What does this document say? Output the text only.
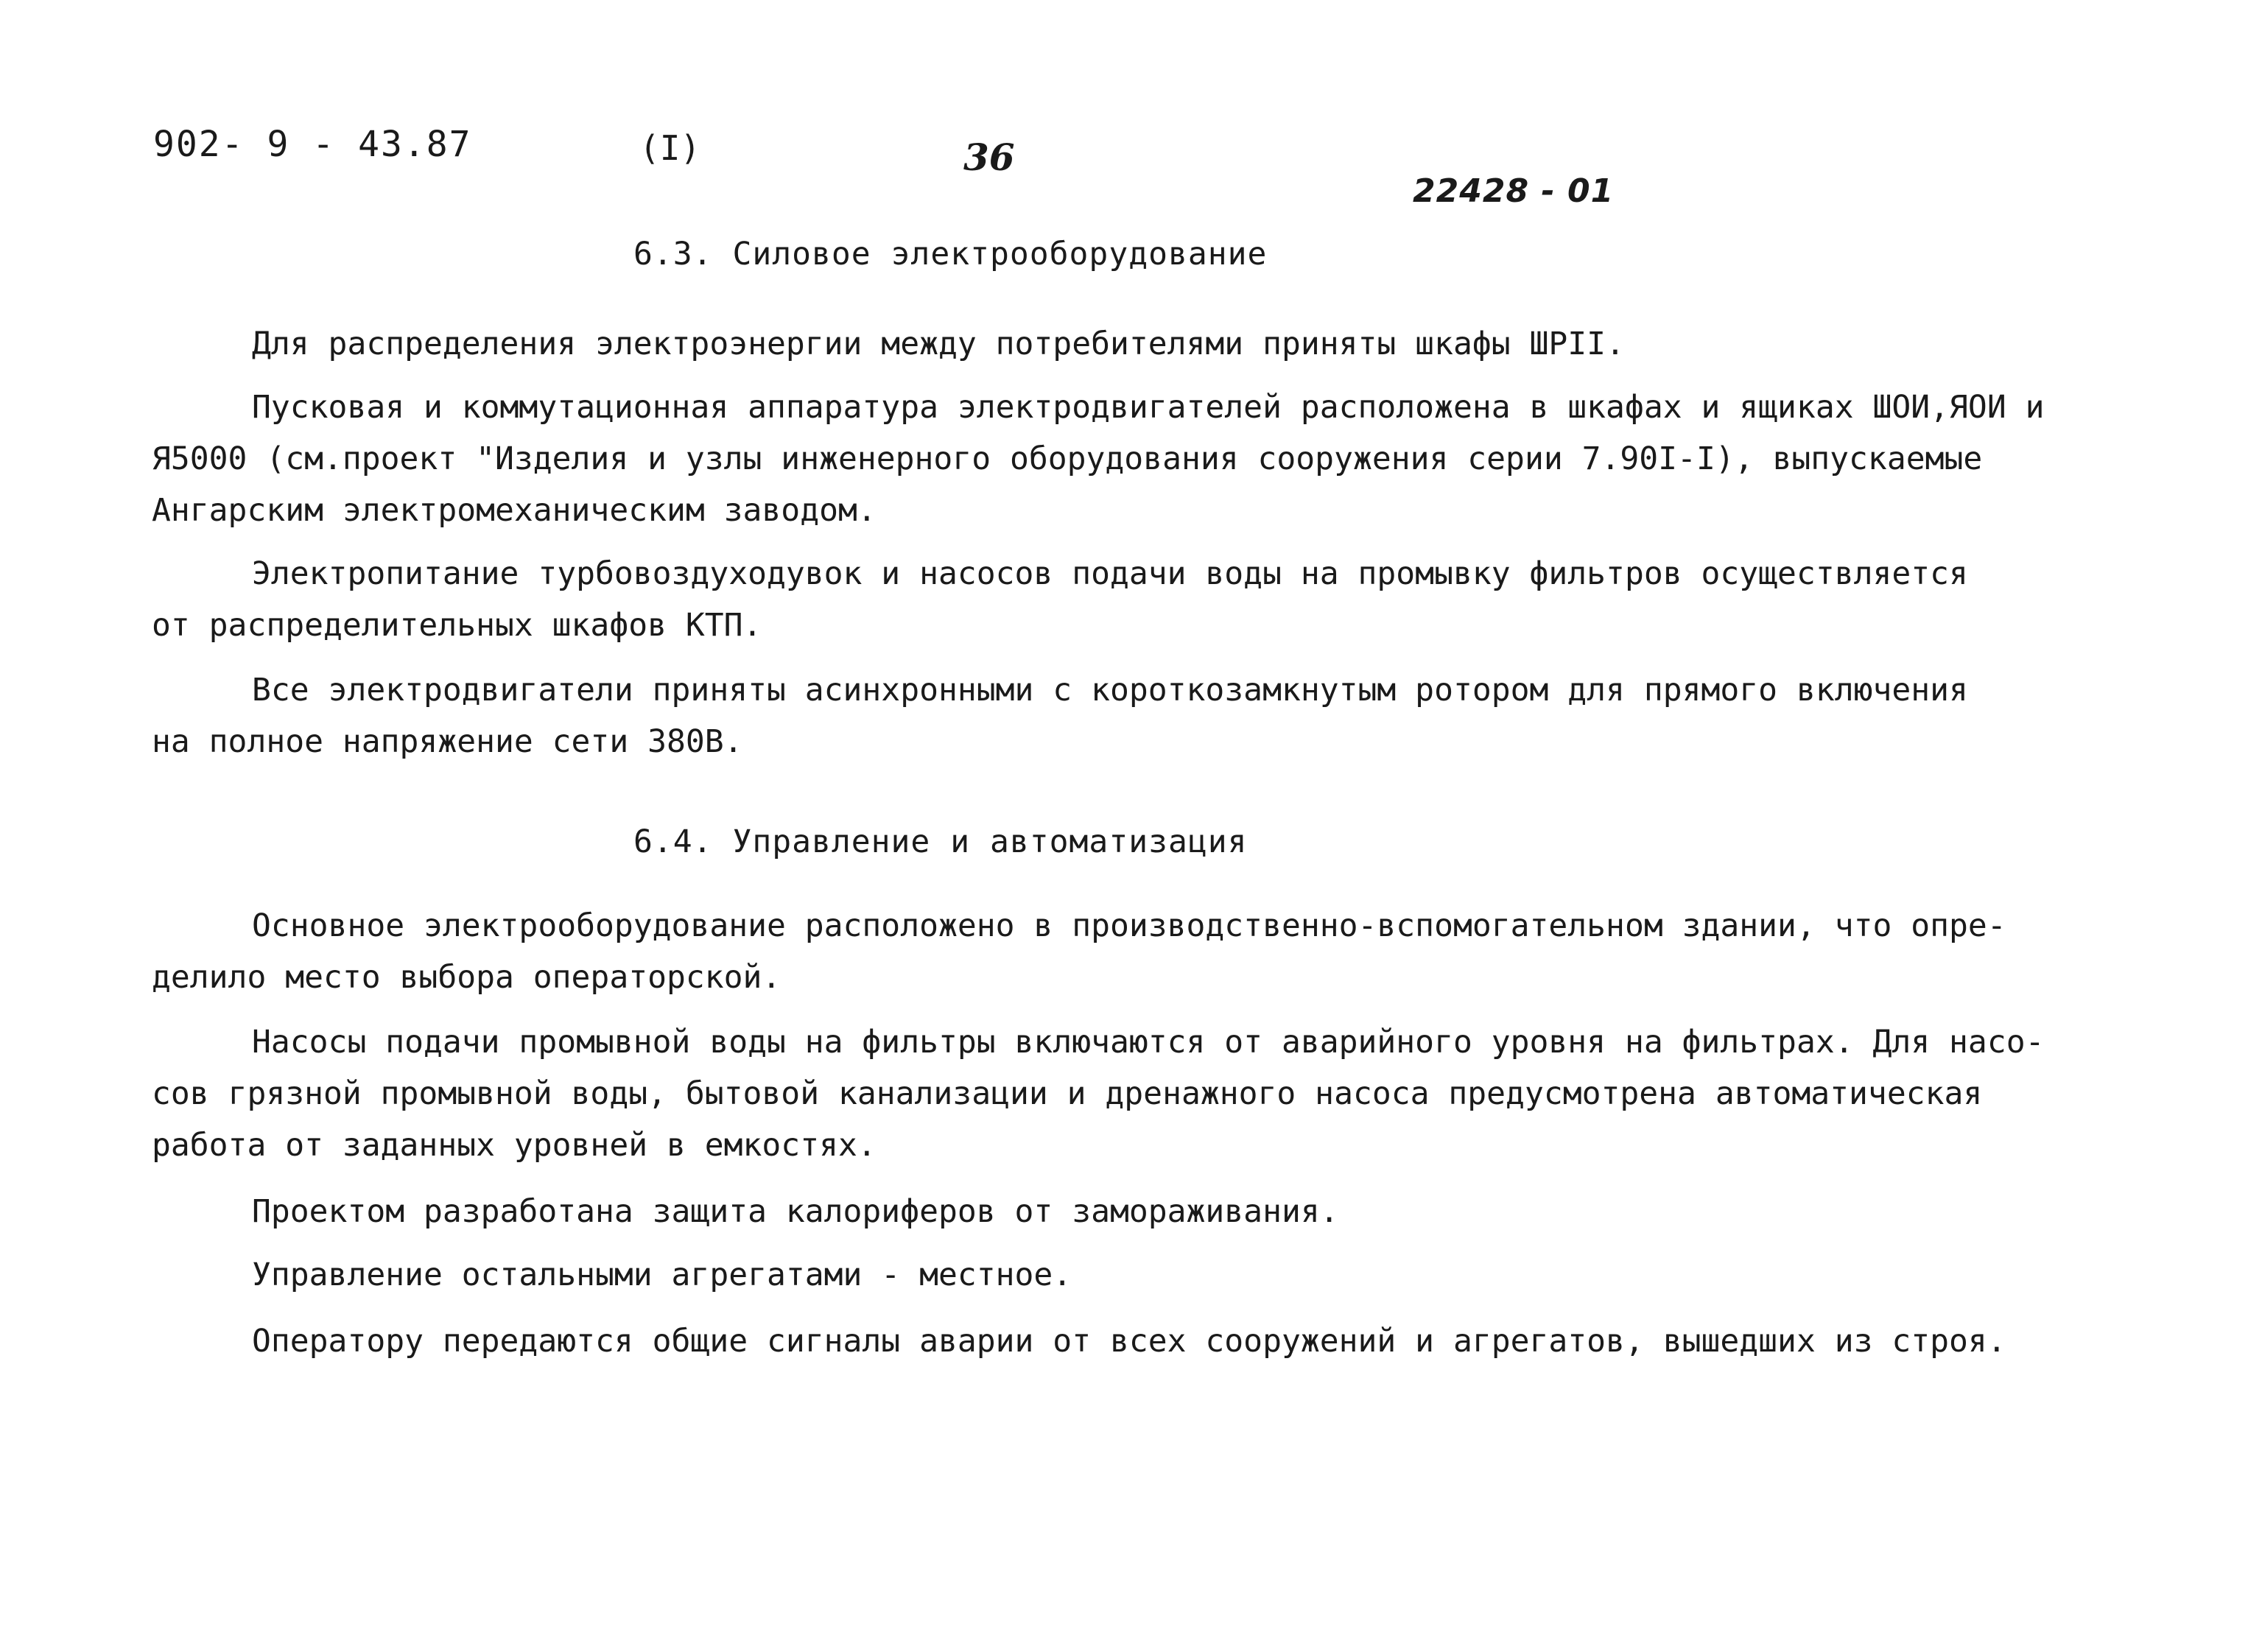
902- 9 - 43.87	(I)	36
22428 - 01
6.3. Силовое электрооборудование
Для распределения электроэнергии между потребителями приняты шкафы ШРII.
Пусковая и коммутационная аппаратура электродвигателей расположена в шкафах и ящиках ШОИ,ЯОИ и
Я5000 (см.проект "Изделия и узлы инженерного оборудования сооружения серии 7.90I-I), выпускаемые
Ангарским электромеханическим заводом.
Электропитание турбовоздуходувок и насосов подачи воды на промывку фильтров осуществляется
от распределительных шкафов КТП.
Все электродвигатели приняты асинхронными с короткозамкнутым ротором для прямого включения
на полное напряжение сети 380В.
6.4. Управление и автоматизация
Основное электрооборудование расположено в производственно-вспомогательном здании, что опре-
делило место выбора операторской.
Насосы подачи промывной воды на фильтры включаются от аварийного уровня на фильтрах. Для насо-
сов грязной промывной воды, бытовой канализации и дренажного насоса предусмотрена автоматическая
работа от заданных уровней в емкостях.
Проектом разработана защита калориферов от замораживания.
Управление остальными агрегатами - местное.
Оператору передаются общие сигналы аварии от всех сооружений и агрегатов, вышедших из строя.
